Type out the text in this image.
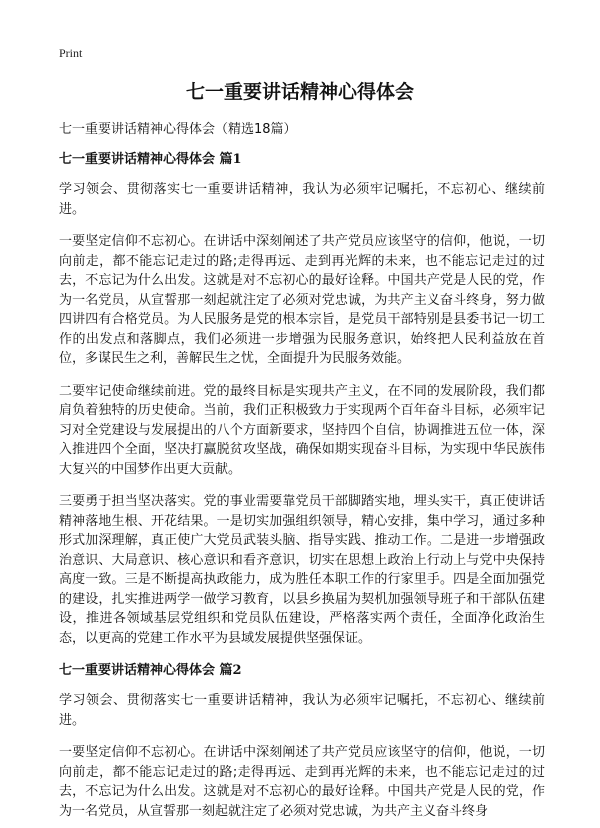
Print
七一重要讲话精神心得体会

七一重要讲话精神心得体会（精选18篇）

七一重要讲话精神心得体会 篇1

学习领会、贯彻落实七一重要讲话精神，我认为必须牢记嘱托，不忘初心、继续前进。

一要坚定信仰不忘初心。在讲话中深刻阐述了共产党员应该坚守的信仰，他说，一切向前走，都不能忘记走过的路;走得再远、走到再光辉的未来，也不能忘记走过的过去，不忘记为什么出发。这就是对不忘初心的最好诠释。中国共产党是人民的党，作为一名党员，从宣誓那一刻起就注定了必须对党忠诚，为共产主义奋斗终身，努力做四讲四有合格党员。为人民服务是党的根本宗旨，是党员干部特别是县委书记一切工作的出发点和落脚点，我们必须进一步增强为民服务意识，始终把人民利益放在首位，多谋民生之利，善解民生之忧，全面提升为民服务效能。

二要牢记使命继续前进。党的最终目标是实现共产主义，在不同的发展阶段，我们都肩负着独特的历史使命。当前，我们正积极致力于实现两个百年奋斗目标，必须牢记习对全党建设与发展提出的八个方面新要求，坚持四个自信，协调推进五位一体，深入推进四个全面，坚决打赢脱贫攻坚战，确保如期实现奋斗目标，为实现中华民族伟大复兴的中国梦作出更大贡献。

三要勇于担当坚决落实。党的事业需要靠党员干部脚踏实地，埋头实干，真正使讲话精神落地生根、开花结果。一是切实加强组织领导，精心安排，集中学习，通过多种形式加深理解，真正使广大党员武装头脑、指导实践、推动工作。二是进一步增强政治意识、大局意识、核心意识和看齐意识，切实在思想上政治上行动上与党中央保持高度一致。三是不断提高执政能力，成为胜任本职工作的行家里手。四是全面加强党的建设，扎实推进两学一做学习教育，以县乡换届为契机加强领导班子和干部队伍建设，推进各领域基层党组织和党员队伍建设，严格落实两个责任，全面净化政治生态，以更高的党建工作水平为县域发展提供坚强保证。

七一重要讲话精神心得体会 篇2

学习领会、贯彻落实七一重要讲话精神，我认为必须牢记嘱托，不忘初心、继续前进。

一要坚定信仰不忘初心。在讲话中深刻阐述了共产党员应该坚守的信仰，他说，一切向前走，都不能忘记走过的路;走得再远、走到再光辉的未来，也不能忘记走过的过去，不忘记为什么出发。这就是对不忘初心的最好诠释。中国共产党是人民的党，作为一名党员，从宣誓那一刻起就注定了必须对党忠诚，为共产主义奋斗终身
